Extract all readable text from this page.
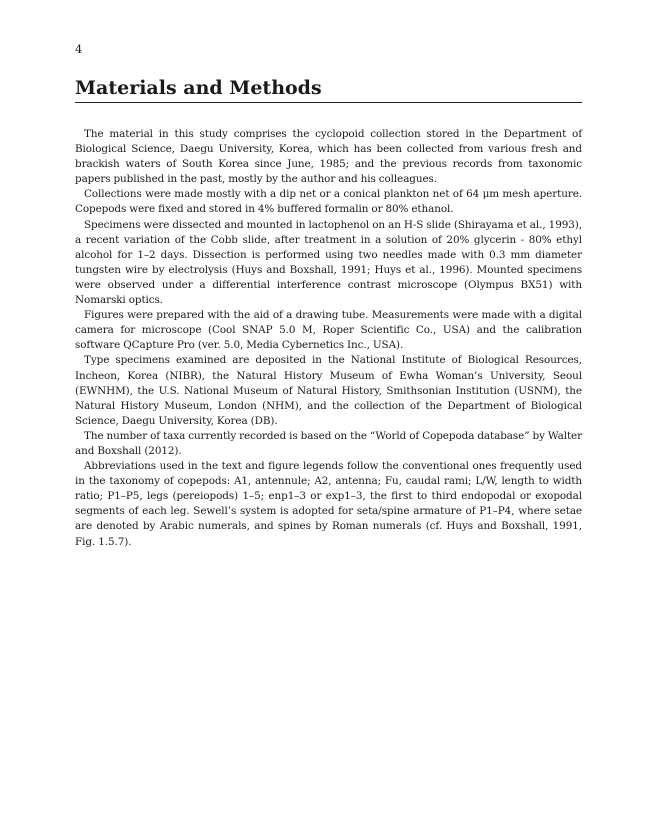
4
Materials and Methods

The material in this study comprises the cyclopoid collection stored in the Department of Biological Science, Daegu University, Korea, which has been collected from various fresh and brackish waters of South Korea since June, 1985; and the previous records from taxonomic papers published in the past, mostly by the author and his colleagues.

Collections were made mostly with a dip net or a conical plankton net of 64 μm mesh aperture. Copepods were fixed and stored in 4% buffered formalin or 80% ethanol.

Specimens were dissected and mounted in lactophenol on an H-S slide (Shirayama et al., 1993), a recent variation of the Cobb slide, after treatment in a solution of 20% glycerin - 80% ethyl alcohol for 1–2 days. Dissection is performed using two needles made with 0.3 mm diameter tungsten wire by electrolysis (Huys and Boxshall, 1991; Huys et al., 1996). Mounted specimens were observed under a differential interference contrast microscope (Olympus BX51) with Nomarski optics.

Figures were prepared with the aid of a drawing tube. Measurements were made with a digital camera for microscope (Cool SNAP 5.0 M, Roper Scientific Co., USA) and the calibration software QCapture Pro (ver. 5.0, Media Cybernetics Inc., USA).

Type specimens examined are deposited in the National Institute of Biological Resources, Incheon, Korea (NIBR), the Natural History Museum of Ewha Woman’s University, Seoul (EWNHM), the U.S. National Museum of Natural History, Smithsonian Institution (USNM), the Natural History Museum, London (NHM), and the collection of the Department of Biological Science, Daegu University, Korea (DB).

The number of taxa currently recorded is based on the “World of Copepoda database” by Walter and Boxshall (2012).

Abbreviations used in the text and figure legends follow the conventional ones frequently used in the taxonomy of copepods: A1, antennule; A2, antenna; Fu, caudal rami; L/W, length to width ratio; P1–P5, legs (pereiopods) 1–5; enp1–3 or exp1–3, the first to third endopodal or exopodal segments of each leg. Sewell’s system is adopted for seta/spine armature of P1–P4, where setae are denoted by Arabic numerals, and spines by Roman numerals (cf. Huys and Boxshall, 1991, Fig. 1.5.7).
